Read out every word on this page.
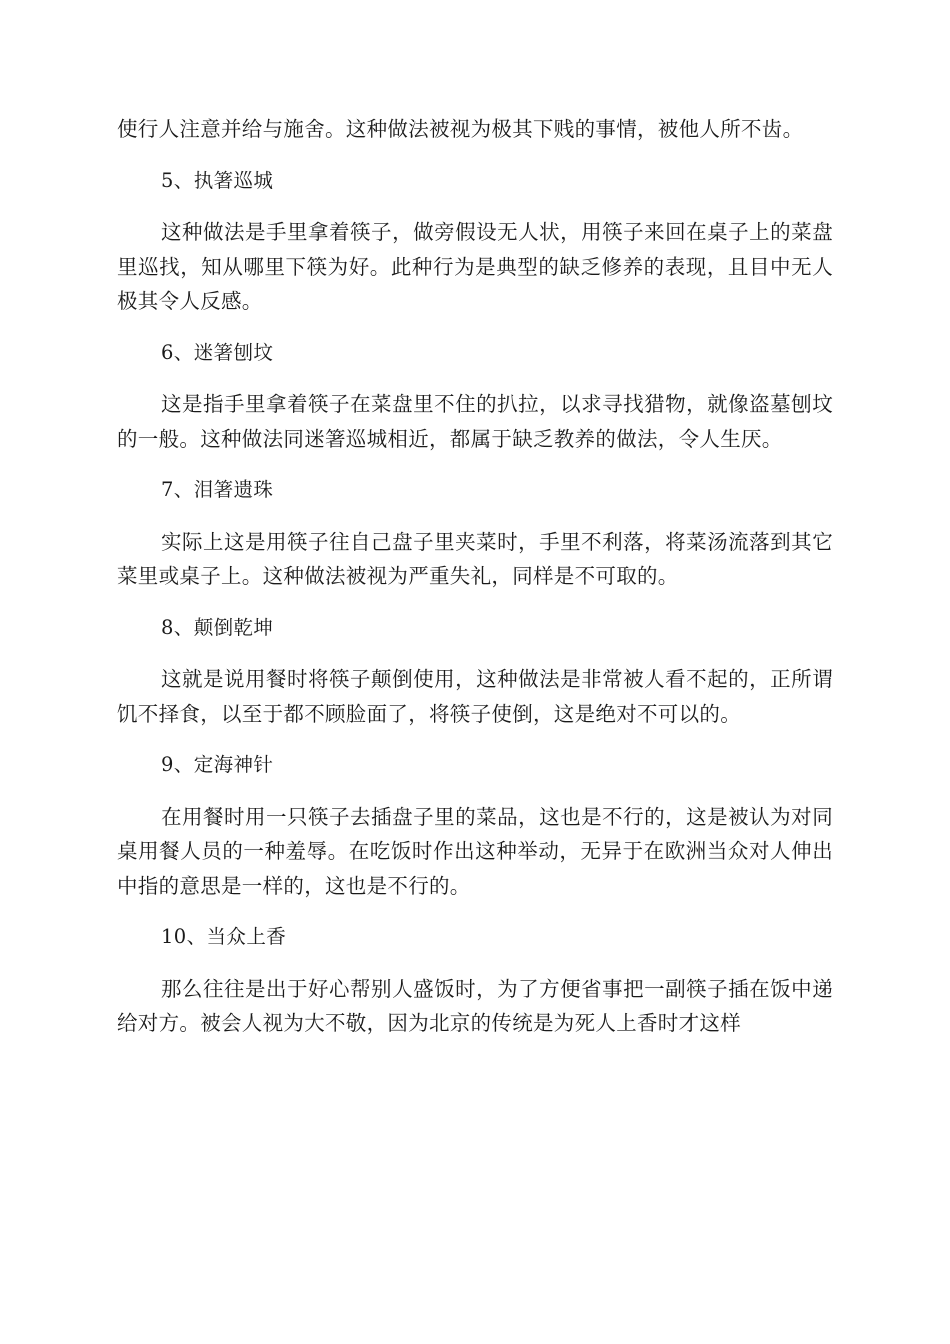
使行人注意并给与施舍。这种做法被视为极其下贱的事情，被他人所不齿。

5、执箸巡城

这种做法是手里拿着筷子，做旁假设无人状，用筷子来回在桌子上的菜盘里巡找，知从哪里下筷为好。此种行为是典型的缺乏修养的表现，且目中无人极其令人反感。

6、迷箸刨坟

这是指手里拿着筷子在菜盘里不住的扒拉，以求寻找猎物，就像盗墓刨坟的一般。这种做法同迷箸巡城相近，都属于缺乏教养的做法，令人生厌。

7、泪箸遗珠

实际上这是用筷子往自己盘子里夹菜时，手里不利落，将菜汤流落到其它菜里或桌子上。这种做法被视为严重失礼，同样是不可取的。

8、颠倒乾坤

这就是说用餐时将筷子颠倒使用，这种做法是非常被人看不起的，正所谓饥不择食，以至于都不顾脸面了，将筷子使倒，这是绝对不可以的。

9、定海神针

在用餐时用一只筷子去插盘子里的菜品，这也是不行的，这是被认为对同桌用餐人员的一种羞辱。在吃饭时作出这种举动，无异于在欧洲当众对人伸出中指的意思是一样的，这也是不行的。

10、当众上香

那么往往是出于好心帮别人盛饭时，为了方便省事把一副筷子插在饭中递给对方。被会人视为大不敬，因为北京的传统是为死人上香时才这样
